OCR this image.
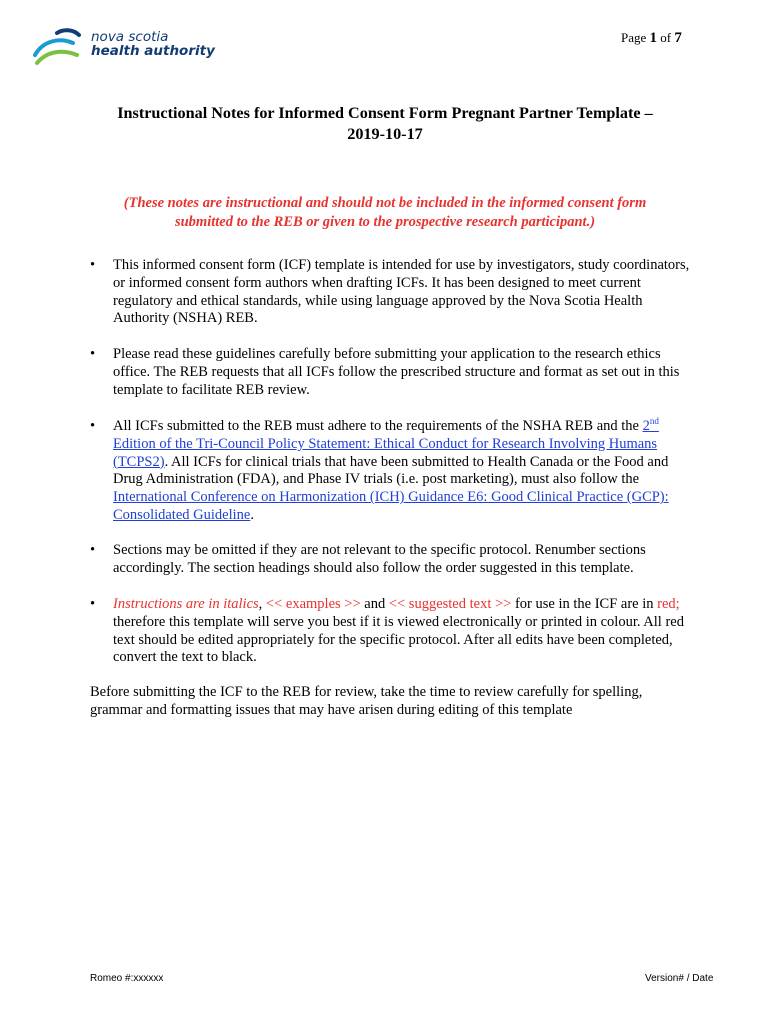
nova scotia
health authority
Page 1 of 7
Instructional Notes for Informed Consent Form Pregnant Partner Template –
2019-10-17
(These notes are instructional and should not be included in the informed consent form
submitted to the REB or given to the prospective research participant.)
•	This informed consent form (ICF) template is intended for use by investigators, study coordinators, or informed consent form authors when drafting ICFs. It has been designed to meet current regulatory and ethical standards, while using language approved by the Nova Scotia Health Authority (NSHA) REB.
•	Please read these guidelines carefully before submitting your application to the research ethics office. The REB requests that all ICFs follow the prescribed structure and format as set out in this template to facilitate REB review.
•	All ICFs submitted to the REB must adhere to the requirements of the NSHA REB and the 2nd Edition of the Tri-Council Policy Statement: Ethical Conduct for Research Involving Humans (TCPS2). All ICFs for clinical trials that have been submitted to Health Canada or the Food and Drug Administration (FDA), and Phase IV trials (i.e. post marketing), must also follow the International Conference on Harmonization (ICH) Guidance E6: Good Clinical Practice (GCP): Consolidated Guideline.
•	Sections may be omitted if they are not relevant to the specific protocol. Renumber sections accordingly. The section headings should also follow the order suggested in this template.
•	Instructions are in italics, << examples >> and << suggested text >> for use in the ICF are in red; therefore this template will serve you best if it is viewed electronically or printed in colour. All red text should be edited appropriately for the specific protocol. After all edits have been completed, convert the text to black.
Before submitting the ICF to the REB for review, take the time to review carefully for spelling, grammar and formatting issues that may have arisen during editing of this template
Romeo #:xxxxxx	Version# / Date
